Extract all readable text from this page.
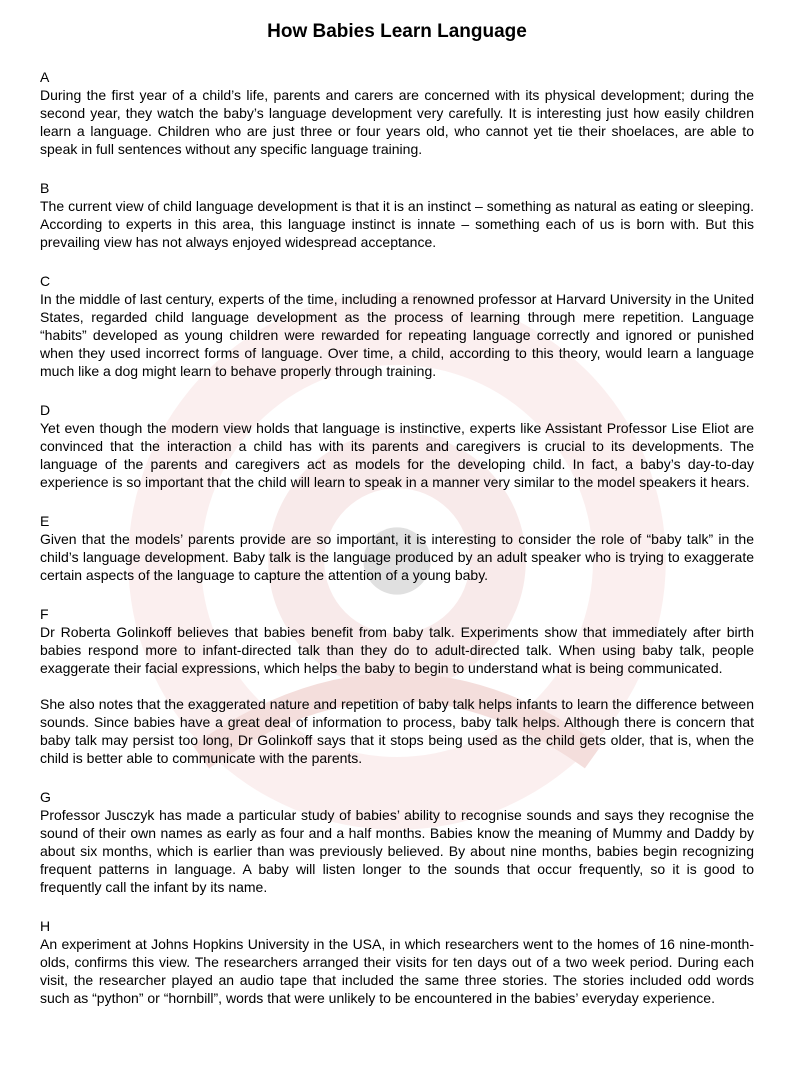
How Babies Learn Language
A

During the first year of a child’s life, parents and carers are concerned with its physical development; during the second year, they watch the baby’s language development very carefully. It is interesting just how easily children learn a language. Children who are just three or four years old, who cannot yet tie their shoelaces, are able to speak in full sentences without any specific language training.

B

The current view of child language development is that it is an instinct – something as natural as eating or sleeping. According to experts in this area, this language instinct is innate – something each of us is born with. But this prevailing view has not always enjoyed widespread acceptance.

C

In the middle of last century, experts of the time, including a renowned professor at Harvard University in the United States, regarded child language development as the process of learning through mere repetition. Language “habits” developed as young children were rewarded for repeating language correctly and ignored or punished when they used incorrect forms of language. Over time, a child, according to this theory, would learn a language much like a dog might learn to behave properly through training.

D

Yet even though the modern view holds that language is instinctive, experts like Assistant Professor Lise Eliot are convinced that the interaction a child has with its parents and caregivers is crucial to its developments. The language of the parents and caregivers act as models for the developing child. In fact, a baby’s day-to-day experience is so important that the child will learn to speak in a manner very similar to the model speakers it hears.

E

Given that the models’ parents provide are so important, it is interesting to consider the role of “baby talk” in the child’s language development. Baby talk is the language produced by an adult speaker who is trying to exaggerate certain aspects of the language to capture the attention of a young baby.

F

Dr Roberta Golinkoff believes that babies benefit from baby talk. Experiments show that immediately after birth babies respond more to infant-directed talk than they do to adult-directed talk. When using baby talk, people exaggerate their facial expressions, which helps the baby to begin to understand what is being communicated.

She also notes that the exaggerated nature and repetition of baby talk helps infants to learn the difference between sounds. Since babies have a great deal of information to process, baby talk helps. Although there is concern that baby talk may persist too long, Dr Golinkoff says that it stops being used as the child gets older, that is, when the child is better able to communicate with the parents.

G

Professor Jusczyk has made a particular study of babies’ ability to recognise sounds and says they recognise the sound of their own names as early as four and a half months. Babies know the meaning of Mummy and Daddy by about six months, which is earlier than was previously believed. By about nine months, babies begin recognizing frequent patterns in language. A baby will listen longer to the sounds that occur frequently, so it is good to frequently call the infant by its name.

H

An experiment at Johns Hopkins University in the USA, in which researchers went to the homes of 16 nine-month-olds, confirms this view. The researchers arranged their visits for ten days out of a two week period. During each visit, the researcher played an audio tape that included the same three stories. The stories included odd words such as “python” or “hornbill”, words that were unlikely to be encountered in the babies’ everyday experience.
